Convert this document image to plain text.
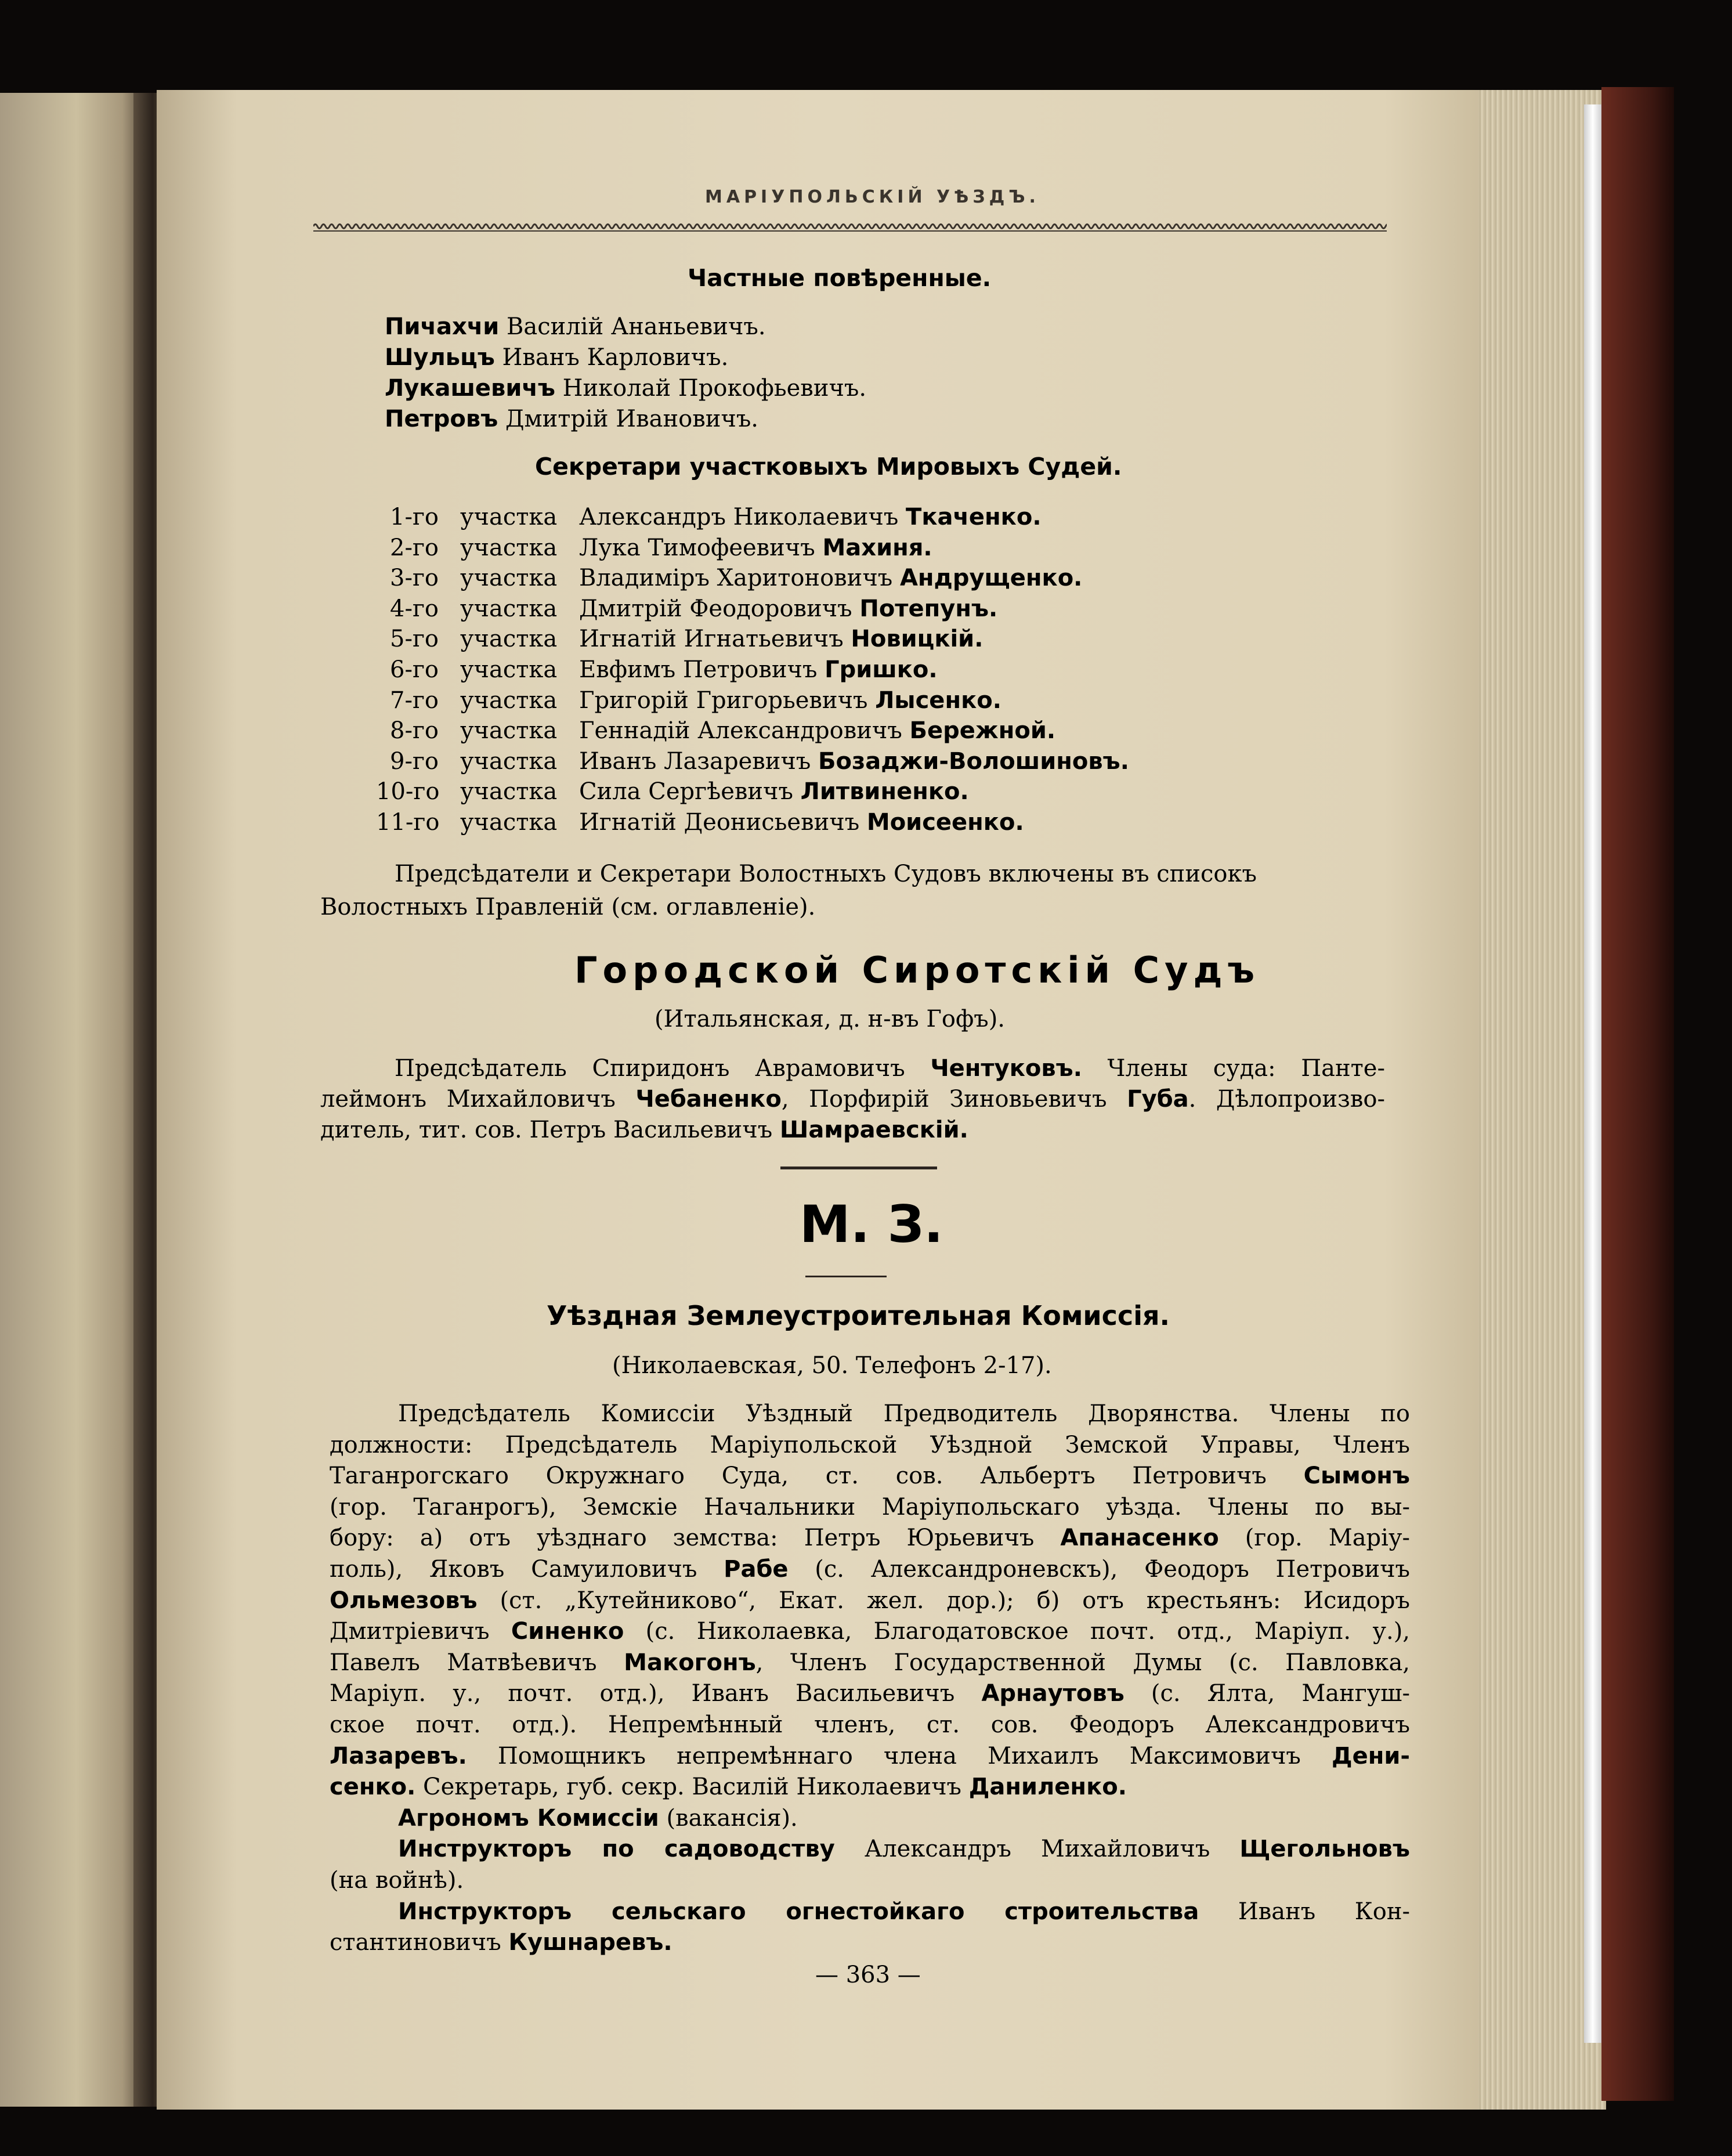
МАРІУПОЛЬСКІЙ УѢЗДЪ.
Частные повѣренные.
Пичахчи Василій Ананьевичъ.
Шульцъ Иванъ Карловичъ.
Лукашевичъ Николай Прокофьевичъ.
Петровъ Дмитрій Ивановичъ.
Секретари участковыхъ Мировыхъ Судей.
1-го участка Александръ Николаевичъ Ткаченко.
2-го участка Лука Тимофеевичъ Махиня.
3-го участка Владиміръ Харитоновичъ Андрущенко.
4-го участка Дмитрій Феодоровичъ Потепунъ.
5-го участка Игнатій Игнатьевичъ Новицкій.
6-го участка Евфимъ Петровичъ Гришко.
7-го участка Григорій Григорьевичъ Лысенко.
8-го участка Геннадій Александровичъ Бережной.
9-го участка Иванъ Лазаревичъ Бозаджи-Волошиновъ.
10-го участка Сила Сергѣевичъ Литвиненко.
11-го участка Игнатій Деонисьевичъ Моисеенко.
Предсѣдатели и Секретари Волостныхъ Судовъ включены въ списокъ
Волостныхъ Правленій (см. оглавленіе).
Городской Сиротскій Судъ
(Итальянская, д. н-въ Гофъ).
Предсѣдатель Спиридонъ Аврамовичъ Чентуковъ. Члены суда: Панте-
леймонъ Михайловичъ Чебаненко, Порфирій Зиновьевичъ Губа. Дѣлопроизво-
дитель, тит. сов. Петръ Васильевичъ Шамраевскій.
М. З.
Уѣздная Землеустроительная Комиссія.
(Николаевская, 50. Телефонъ 2-17).
Предсѣдатель Комиссіи Уѣздный Предводитель Дворянства. Члены по
должности: Предсѣдатель Маріупольской Уѣздной Земской Управы, Членъ
Таганрогскаго Окружнаго Суда, ст. сов. Альбертъ Петровичъ Сымонъ
(гор. Таганрогъ), Земскіе Начальники Маріупольскаго уѣзда. Члены по вы-
бору: а) отъ уѣзднаго земства: Петръ Юрьевичъ Апанасенко (гор. Маріу-
поль), Яковъ Самуиловичъ Рабе (с. Александроневскъ), Феодоръ Петровичъ
Ольмезовъ (ст. „Кутейниково“, Екат. жел. дор.); б) отъ крестьянъ: Исидоръ
Дмитріевичъ Синенко (с. Николаевка, Благодатовское почт. отд., Маріуп. у.),
Павелъ Матвѣевичъ Макогонъ, Членъ Государственной Думы (с. Павловка,
Маріуп. у., почт. отд.), Иванъ Васильевичъ Арнаутовъ (с. Ялта, Мангуш-
ское почт. отд.). Непремѣнный членъ, ст. сов. Феодоръ Александровичъ
Лазаревъ. Помощникъ непремѣннаго члена Михаилъ Максимовичъ Дени-
сенко. Секретарь, губ. секр. Василій Николаевичъ Даниленко.
Агрономъ Комиссіи (вакансія).
Инструкторъ по садоводству Александръ Михайловичъ Щегольновъ
(на войнѣ).
Инструкторъ сельскаго огнестойкаго строительства Иванъ Кон-
стантиновичъ Кушнаревъ.
— 363 —
